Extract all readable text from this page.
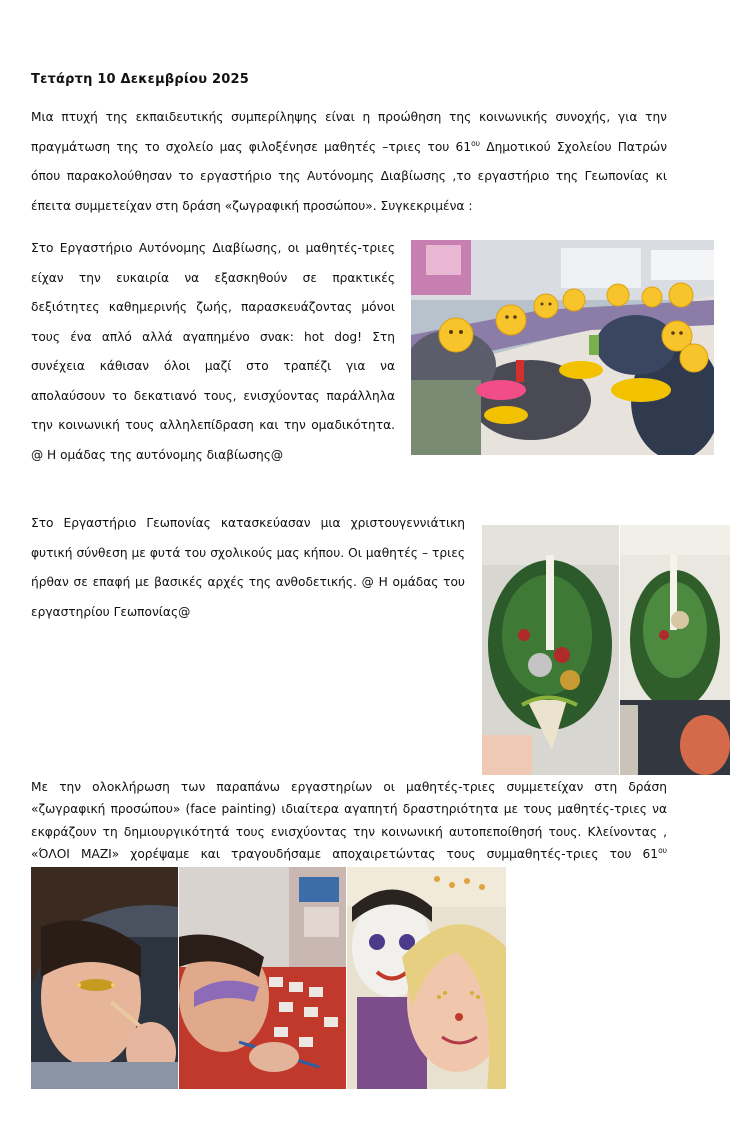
Τετάρτη 10 Δεκεμβρίου 2025

Μια πτυχή της εκπαιδευτικής συμπερίληψης είναι η προώθηση της κοινωνικής συνοχής, για την πραγμάτωση της το σχολείο μας φιλοξένησε μαθητές –τριες του $61^{o\upsilon}$ Δημοτικού Σχολείου Πατρών όπου παρακολούθησαν το εργαστήριο της Αυτόνομης Διαβίωσης ,το εργαστήριο της Γεωπονίας κι έπειτα συμμετείχαν στη δράση «ζωγραφική προσώπου». Συγκεκριμένα :

Στο Εργαστήριο Αυτόνομης Διαβίωσης, οι μαθητές-τριες είχαν την ευκαιρία να εξασκηθούν σε πρακτικές δεξιότητες καθημερινής ζωής, παρασκευάζοντας μόνοι τους ένα απλό αλλά αγαπημένο σνακ: hot dog! Στη συνέχεια κάθισαν όλοι μαζί στο τραπέζι για να απολαύσουν το δεκατιανό τους, ενισχύοντας παράλληλα την κοινωνική τους αλληλεπίδραση και την ομαδικότητα. @ Η ομάδας της αυτόνομης διαβίωσης@

Στο Εργαστήριο Γεωπονίας κατασκεύασαν μια χριστουγεννιάτικη φυτική σύνθεση με φυτά του σχολικούς μας κήπου. Οι μαθητές – τριες ήρθαν σε επαφή με βασικές αρχές της ανθοδετικής. @ Η ομάδας του εργαστηρίου Γεωπονίας@

Με την ολοκλήρωση των παραπάνω εργαστηρίων οι μαθητές-τριες συμμετείχαν στη δράση «ζωγραφική προσώπου» (face painting) ιδιαίτερα αγαπητή δραστηριότητα με τους μαθητές-τριες να εκφράζουν τη δημιουργικότητά τους ενισχύοντας την κοινωνική αυτοπεποίθησή τους. Κλείνοντας , «ΌΛΟΙ ΜΑΖΙ» χορέψαμε και τραγουδήσαμε αποχαιρετώντας τους συμμαθητές-τριες του $61^{o\upsilon}$
